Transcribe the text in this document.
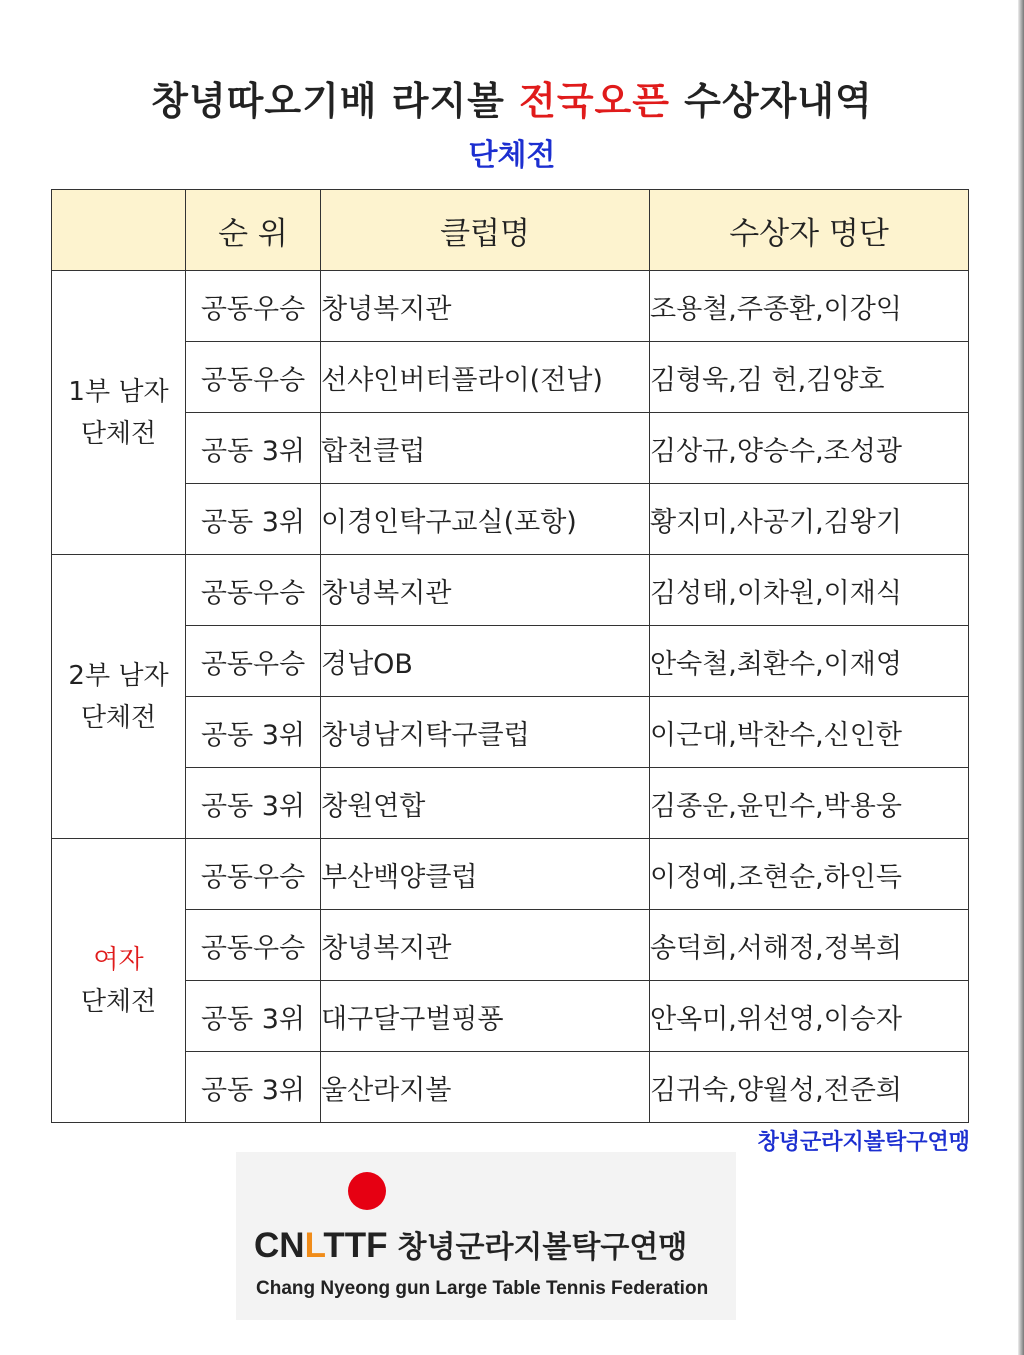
창녕따오기배 라지볼 전국오픈 수상자내역
단체전
	순 위	클럽명	수상자 명단

1부 남자
단체전	공동우승	창녕복지관	조용철,주종환,이강익
	공동우승	선샤인버터플라이(전남)	김형욱,김 헌,김양호
	공동 3위	합천클럽	김상규,양승수,조성광
	공동 3위	이경인탁구교실(포항)	황지미,사공기,김왕기

2부 남자
단체전	공동우승	창녕복지관	김성태,이차원,이재식
	공동우승	경남OB	안숙철,최환수,이재영
	공동 3위	창녕남지탁구클럽	이근대,박찬수,신인한
	공동 3위	창원연합	김종운,윤민수,박용웅

여자
단체전	공동우승	부산백양클럽	이정예,조현순,하인득
	공동우승	창녕복지관	송덕희,서해정,정복희
	공동 3위	대구달구벌핑퐁	안옥미,위선영,이승자
	공동 3위	울산라지볼	김귀숙,양월성,전준희
창녕군라지볼탁구연맹
CNLTTF 창녕군라지볼탁구연맹
Chang Nyeong gun Large Table Tennis Federation
